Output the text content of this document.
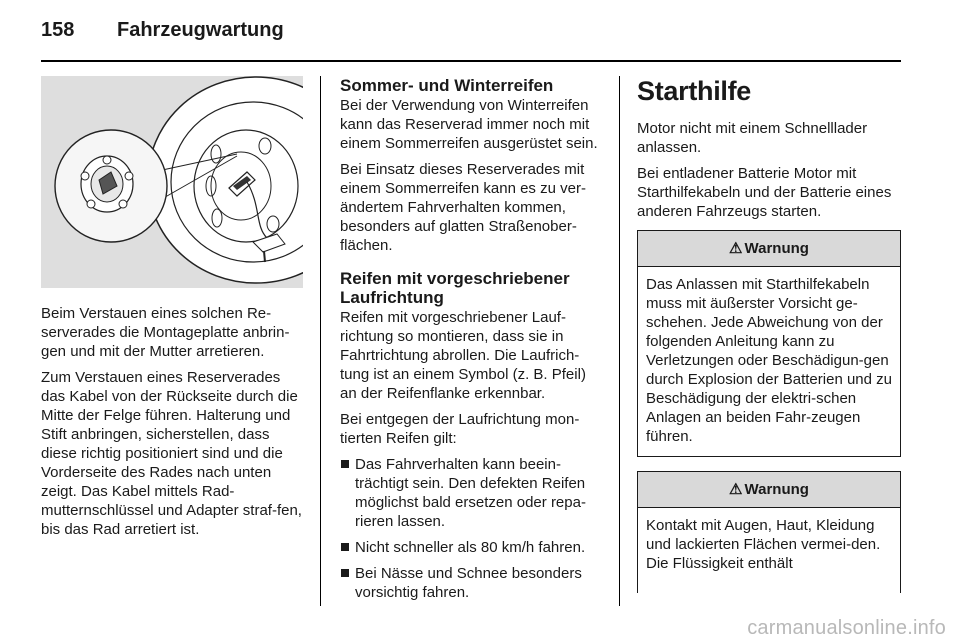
158 Fahrzeugwartung

Beim Verstauen eines solchen Re-serverades die Montageplatte anbrin-gen und mit der Mutter arretieren.

Zum Verstauen eines Reserverades das Kabel von der Rückseite durch die Mitte der Felge führen. Halterung und Stift anbringen, sicherstellen, dass diese richtig positioniert sind und die Vorderseite des Rades nach unten zeigt. Das Kabel mittels Rad-mutternschlüssel und Adapter straf-fen, bis das Rad arretiert ist.

Sommer- und Winterreifen

Bei der Verwendung von Winterreifen kann das Reserverad immer noch mit einem Sommerreifen ausgerüstet sein.

Bei Einsatz dieses Reserverades mit einem Sommerreifen kann es zu ver-ändertem Fahrverhalten kommen, besonders auf glatten Straßenober-flächen.

Reifen mit vorgeschriebener Laufrichtung

Reifen mit vorgeschriebener Lauf-richtung so montieren, dass sie in Fahrtrichtung abrollen. Die Laufrich-tung ist an einem Symbol (z. B. Pfeil) an der Reifenflanke erkennbar.

Bei entgegen der Laufrichtung mon-tierten Reifen gilt:

Das Fahrverhalten kann beein-trächtigt sein. Den defekten Reifen möglichst bald ersetzen oder repa-rieren lassen.
Nicht schneller als 80 km/h fahren.
Bei Nässe und Schnee besonders vorsichtig fahren.
Starthilfe

Motor nicht mit einem Schnelllader anlassen.

Bei entladener Batterie Motor mit Starthilfekabeln und der Batterie eines anderen Fahrzeugs starten.

⚠ Warnung
Das Anlassen mit Starthilfekabeln muss mit äußerster Vorsicht ge-schehen. Jede Abweichung von der folgenden Anleitung kann zu Verletzungen oder Beschädigun-gen durch Explosion der Batterien und zu Beschädigung der elektri-schen Anlagen an beiden Fahr-zeugen führen.
⚠ Warnung
Kontakt mit Augen, Haut, Kleidung und lackierten Flächen vermei-den. Die Flüssigkeit enthält
carmanualsonline.info
